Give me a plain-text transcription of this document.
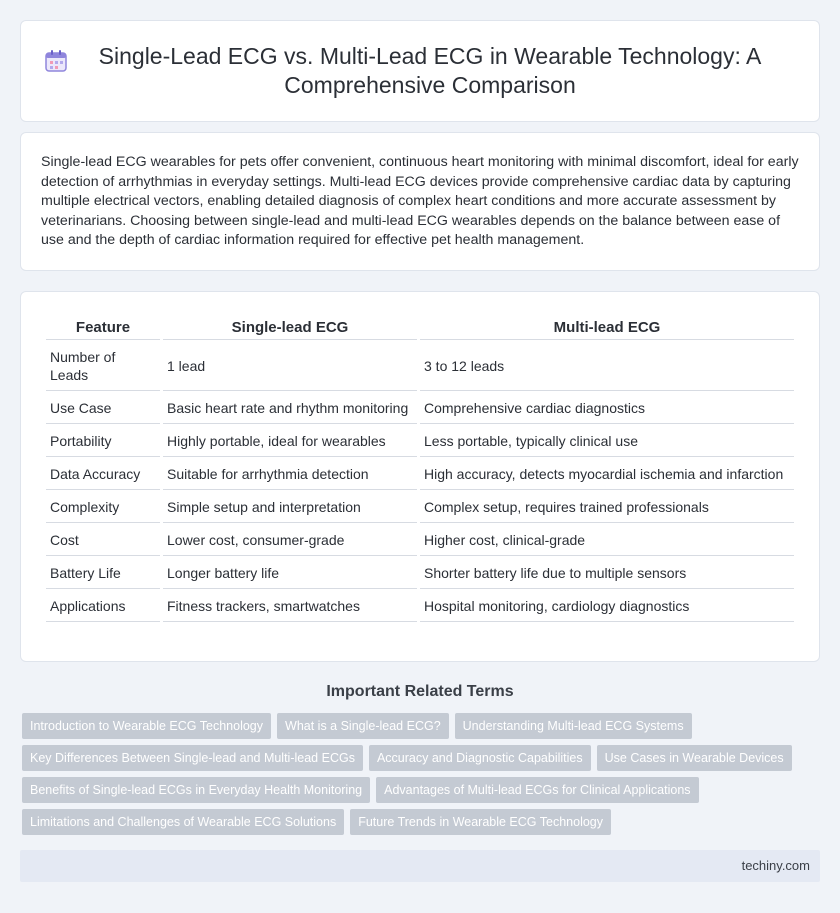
Single-Lead ECG vs. Multi-Lead ECG in Wearable Technology: A Comprehensive Comparison

Single-lead ECG wearables for pets offer convenient, continuous heart monitoring with minimal discomfort, ideal for early detection of arrhythmias in everyday settings. Multi-lead ECG devices provide comprehensive cardiac data by capturing multiple electrical vectors, enabling detailed diagnosis of complex heart conditions and more accurate assessment by veterinarians. Choosing between single-lead and multi-lead ECG wearables depends on the balance between ease of use and the depth of cardiac information required for effective pet health management.

Feature	Single-lead ECG	Multi-lead ECG
Number of Leads	1 lead	3 to 12 leads
Use Case	Basic heart rate and rhythm monitoring	Comprehensive cardiac diagnostics
Portability	Highly portable, ideal for wearables	Less portable, typically clinical use
Data Accuracy	Suitable for arrhythmia detection	High accuracy, detects myocardial ischemia and infarction
Complexity	Simple setup and interpretation	Complex setup, requires trained professionals
Cost	Lower cost, consumer-grade	Higher cost, clinical-grade
Battery Life	Longer battery life	Shorter battery life due to multiple sensors
Applications	Fitness trackers, smartwatches	Hospital monitoring, cardiology diagnostics
Important Related Terms
Introduction to Wearable ECG Technology	What is a Single-lead ECG?	Understanding Multi-lead ECG Systems
Key Differences Between Single-lead and Multi-lead ECGs	Accuracy and Diagnostic Capabilities	Use Cases in Wearable Devices
Benefits of Single-lead ECGs in Everyday Health Monitoring	Advantages of Multi-lead ECGs for Clinical Applications
Limitations and Challenges of Wearable ECG Solutions	Future Trends in Wearable ECG Technology
techiny.com
